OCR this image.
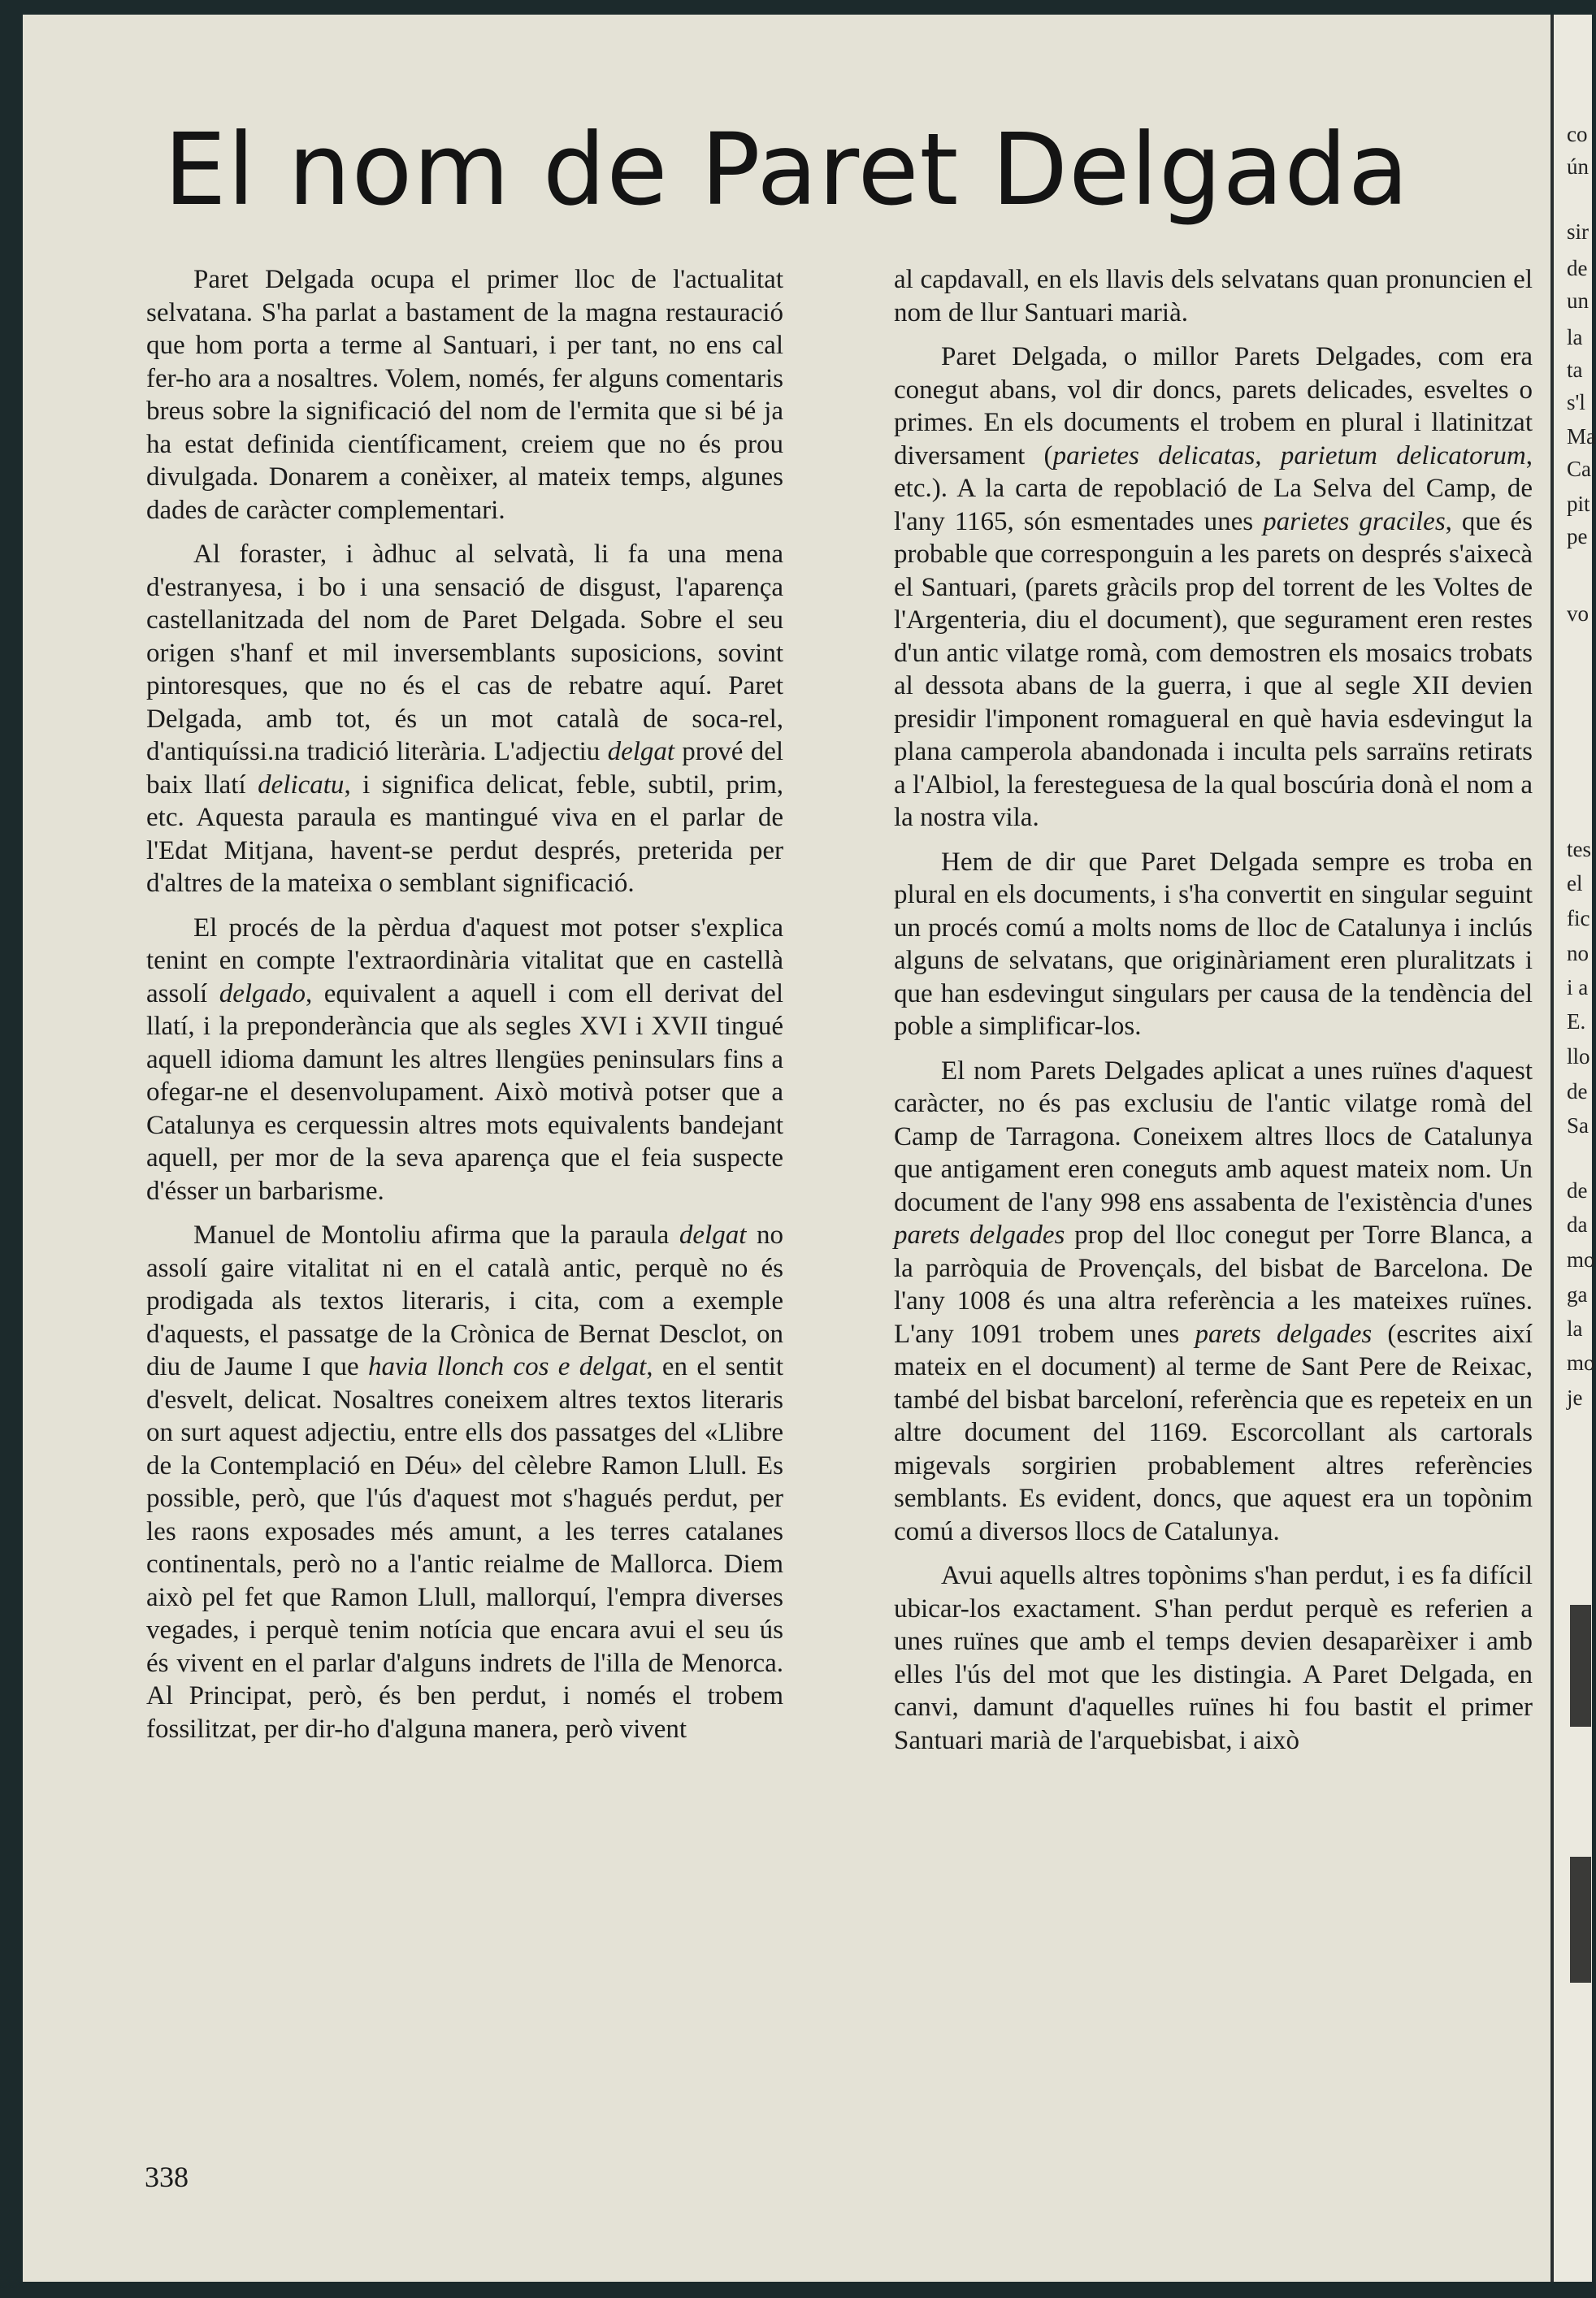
El nom de Paret Delgada

Paret Delgada ocupa el primer lloc de l'actualitat selvatana. S'ha parlat a bastament de la magna restauració que hom porta a terme al Santuari, i per tant, no ens cal fer-ho ara a nosaltres. Volem, només, fer alguns comentaris breus sobre la significació del nom de l'ermita que si bé ja ha estat definida científicament, creiem que no és prou divulgada. Donarem a conèixer, al mateix temps, algunes dades de caràcter complementari.

Al foraster, i àdhuc al selvatà, li fa una mena d'estranyesa, i bo i una sensació de disgust, l'aparença castellanitzada del nom de Paret Delgada. Sobre el seu origen s'hanf et mil inversemblants suposicions, sovint pintoresques, que no és el cas de rebatre aquí. Paret Delgada, amb tot, és un mot català de soca-rel, d'antiquíssi.na tradició literària. L'adjectiu delgat prové del baix llatí delicatu, i significa delicat, feble, subtil, prim, etc. Aquesta paraula es mantingué viva en el parlar de l'Edat Mitjana, havent-se perdut després, preterida per d'altres de la mateixa o semblant significació.

El procés de la pèrdua d'aquest mot potser s'explica tenint en compte l'extraordinària vitalitat que en castellà assolí delgado, equivalent a aquell i com ell derivat del llatí, i la preponderància que als segles XVI i XVII tingué aquell idioma damunt les altres llengües peninsulars fins a ofegar-ne el desenvolupament. Això motivà potser que a Catalunya es cerquessin altres mots equivalents bandejant aquell, per mor de la seva aparença que el feia suspecte d'ésser un barbarisme.

Manuel de Montoliu afirma que la paraula delgat no assolí gaire vitalitat ni en el català antic, perquè no és prodigada als textos literaris, i cita, com a exemple d'aquests, el passatge de la Crònica de Bernat Desclot, on diu de Jaume I que havia llonch cos e delgat, en el sentit d'esvelt, delicat. Nosaltres coneixem altres textos literaris on surt aquest adjectiu, entre ells dos passatges del «Llibre de la Contemplació en Déu» del cèlebre Ramon Llull. Es possible, però, que l'ús d'aquest mot s'hagués perdut, per les raons exposades més amunt, a les terres catalanes continentals, però no a l'antic reialme de Mallorca. Diem això pel fet que Ramon Llull, mallorquí, l'empra diverses vegades, i perquè tenim notícia que encara avui el seu ús és vivent en el parlar d'alguns indrets de l'illa de Menorca. Al Principat, però, és ben perdut, i només el trobem fossilitzat, per dir-ho d'alguna manera, però vivent

al capdavall, en els llavis dels selvatans quan pronuncien el nom de llur Santuari marià.

Paret Delgada, o millor Parets Delgades, com era conegut abans, vol dir doncs, parets delicades, esveltes o primes. En els documents el trobem en plural i llatinitzat diversament (parietes delicatas, parietum delicatorum, etc.). A la carta de repoblació de La Selva del Camp, de l'any 1165, són esmentades unes parietes graciles, que és probable que corresponguin a les parets on després s'aixecà el Santuari, (parets gràcils prop del torrent de les Voltes de l'Argenteria, diu el document), que segurament eren restes d'un antic vilatge romà, com demostren els mosaics trobats al dessota abans de la guerra, i que al segle XII devien presidir l'imponent romagueral en què havia esdevingut la plana camperola abandonada i inculta pels sarraïns retirats a l'Albiol, la feresteguesa de la qual boscúria donà el nom a la nostra vila.

Hem de dir que Paret Delgada sempre es troba en plural en els documents, i s'ha convertit en singular seguint un procés comú a molts noms de lloc de Catalunya i inclús alguns de selvatans, que originàriament eren pluralitzats i que han esdevingut singulars per causa de la tendència del poble a simplificar-los.

El nom Parets Delgades aplicat a unes ruïnes d'aquest caràcter, no és pas exclusiu de l'antic vilatge romà del Camp de Tarragona. Coneixem altres llocs de Catalunya que antigament eren coneguts amb aquest mateix nom. Un document de l'any 998 ens assabenta de l'existència d'unes parets delgades prop del lloc conegut per Torre Blanca, a la parròquia de Provençals, del bisbat de Barcelona. De l'any 1008 és una altra referència a les mateixes ruïnes. L'any 1091 trobem unes parets delgades (escrites així mateix en el document) al terme de Sant Pere de Reixac, també del bisbat barceloní, referència que es repeteix en un altre document del 1169. Escorcollant als cartorals migevals sorgirien probablement altres referències semblants. Es evident, doncs, que aquest era un topònim comú a diversos llocs de Catalunya.

Avui aquells altres topònims s'han perdut, i es fa difícil ubicar-los exactament. S'han perdut perquè es referien a unes ruïnes que amb el temps devien desaparèixer i amb elles l'ús del mot que les distingia. A Paret Delgada, en canvi, damunt d'aquelles ruïnes hi fou bastit el primer Santuari marià de l'arquebisbat, i això

338
co
ún
sir
de
un
la
ta
s'l
Ma
Ca
pit
pe
vo
tes
el
fic
no
i a
E.
llo
de
Sa
de
da
mo
ga
la
mo
je
